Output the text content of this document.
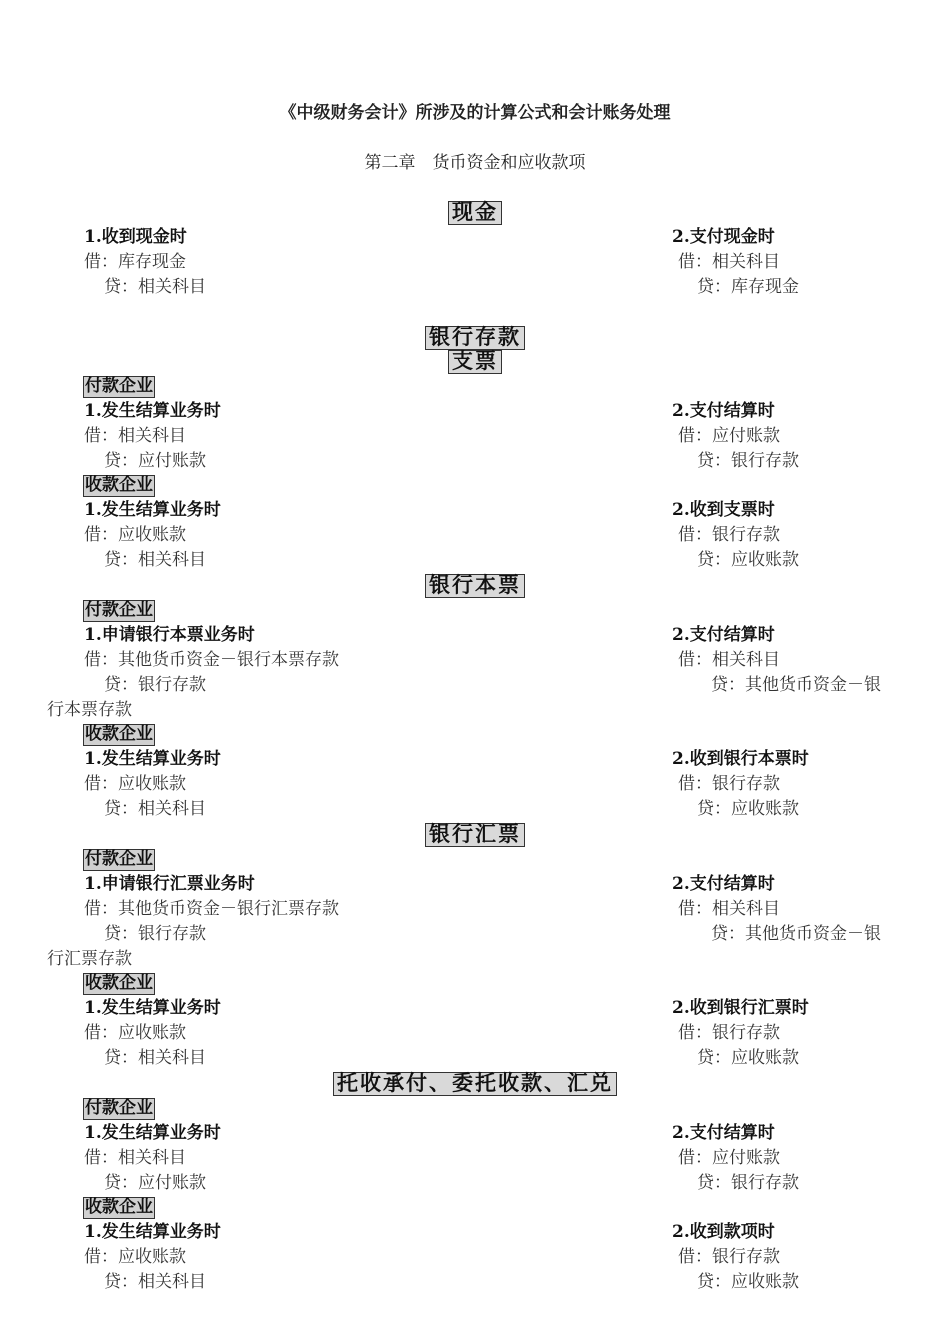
《中级财务会计》所涉及的计算公式和会计账务处理
第二章　货币资金和应收款项
现金
1.收到现金时
借：库存现金
贷：相关科目
2.支付现金时
借：相关科目
贷：库存现金
银行存款
支票
付款企业
1.发生结算业务时
借：相关科目
贷：应付账款
2.支付结算时
借：应付账款
贷：银行存款
收款企业
1.发生结算业务时
借：应收账款
贷：相关科目
2.收到支票时
借：银行存款
贷：应收账款
银行本票
付款企业
1.申请银行本票业务时
借：其他货币资金－银行本票存款
贷：银行存款
2.支付结算时
借：相关科目
贷：其他货币资金－银
行本票存款
收款企业
1.发生结算业务时
借：应收账款
贷：相关科目
2.收到银行本票时
借：银行存款
贷：应收账款
银行汇票
付款企业
1.申请银行汇票业务时
借：其他货币资金－银行汇票存款
贷：银行存款
2.支付结算时
借：相关科目
贷：其他货币资金－银
行汇票存款
收款企业
1.发生结算业务时
借：应收账款
贷：相关科目
2.收到银行汇票时
借：银行存款
贷：应收账款
托收承付、委托收款、汇兑
付款企业
1.发生结算业务时
借：相关科目
贷：应付账款
2.支付结算时
借：应付账款
贷：银行存款
收款企业
1.发生结算业务时
借：应收账款
贷：相关科目
2.收到款项时
借：银行存款
贷：应收账款
